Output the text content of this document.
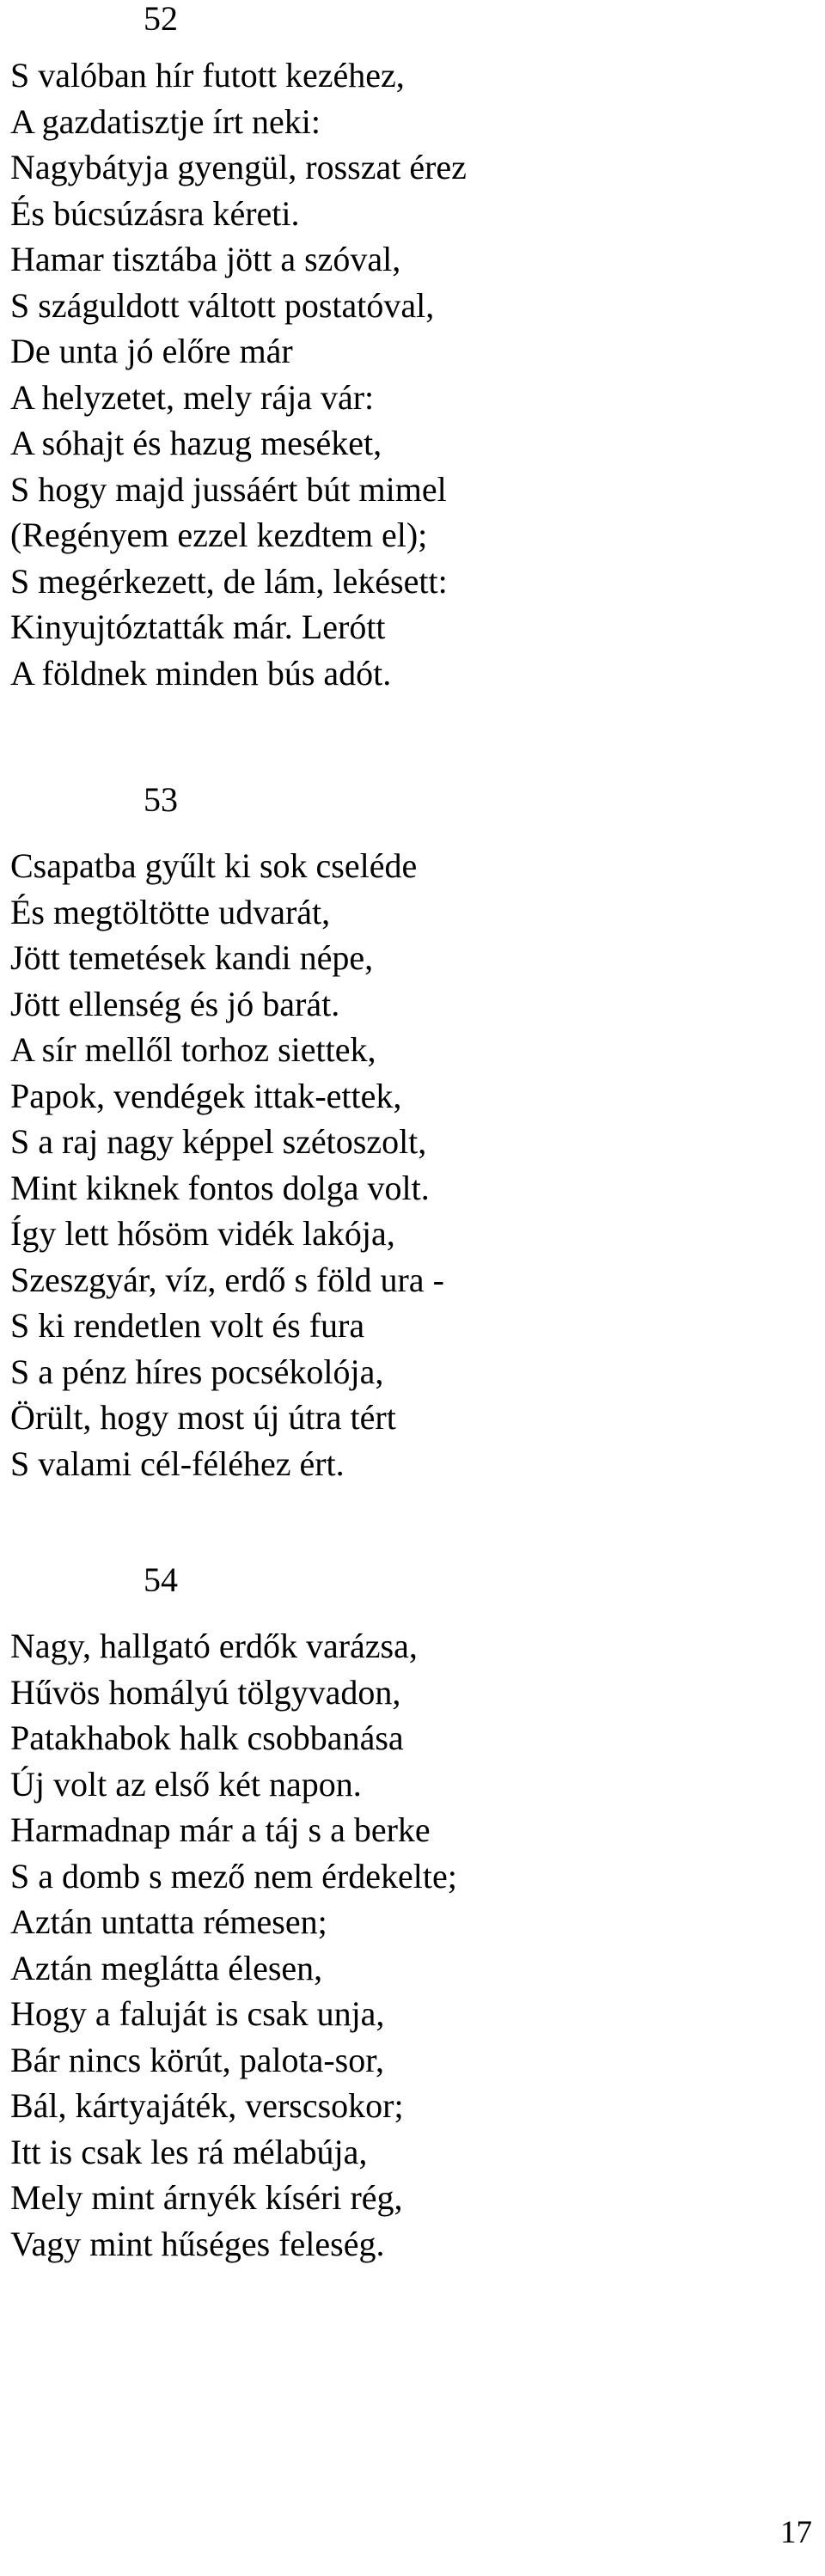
52
S valóban hír futott kezéhez,
A gazdatisztje írt neki:
Nagybátyja gyengül, rosszat érez
És búcsúzásra kéreti.
Hamar tisztába jött a szóval,
S száguldott váltott postatóval,
De unta jó előre már
A helyzetet, mely rája vár:
A sóhajt és hazug meséket,
S hogy majd jussáért bút mimel
(Regényem ezzel kezdtem el);
S megérkezett, de lám, lekésett:
Kinyujtóztatták már. Lerótt
A földnek minden bús adót.
53
Csapatba gyűlt ki sok cseléde
És megtöltötte udvarát,
Jött temetések kandi népe,
Jött ellenség és jó barát.
A sír mellől torhoz siettek,
Papok, vendégek ittak-ettek,
S a raj nagy képpel szétoszolt,
Mint kiknek fontos dolga volt.
Így lett hősöm vidék lakója,
Szeszgyár, víz, erdő s föld ura -
S ki rendetlen volt és fura
S a pénz híres pocsékolója,
Örült, hogy most új útra tért
S valami cél-féléhez ért.
54
Nagy, hallgató erdők varázsa,
Hűvös homályú tölgyvadon,
Patakhabok halk csobbanása
Új volt az első két napon.
Harmadnap már a táj s a berke
S a domb s mező nem érdekelte;
Aztán untatta rémesen;
Aztán meglátta élesen,
Hogy a faluját is csak unja,
Bár nincs körút, palota-sor,
Bál, kártyajáték, verscsokor;
Itt is csak les rá mélabúja,
Mely mint árnyék kíséri rég,
Vagy mint hűséges feleség.
17
